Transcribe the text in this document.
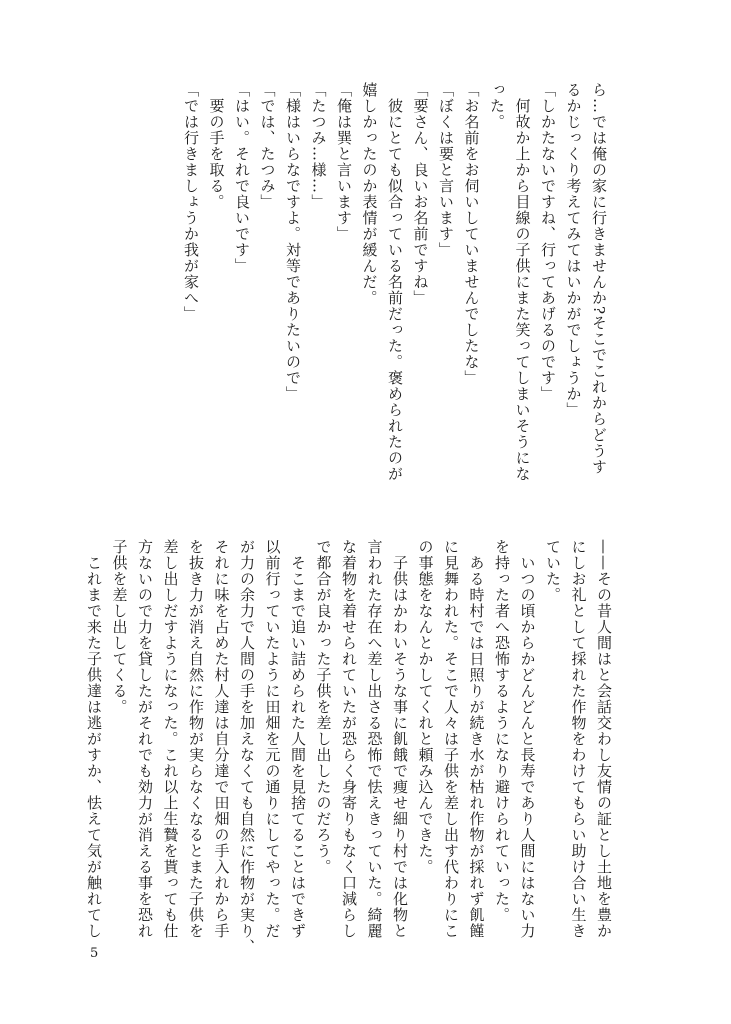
ら…では俺の家に行きませんか?そこでこれからどうす
るかじっくり考えてみてはいかがでしょうか」
「しかたないですね、行ってあげるのです」
　何故か上から目線の子供にまた笑ってしまいそうにな
った。
「お名前をお伺いしていませんでしたな」
「ぼくは要と言います」
「要さん、良いお名前ですね」
　彼にとても似合っている名前だった。褒められたのが
嬉しかったのか表情が緩んだ。
「俺は巽と言います」
「たつみ…様…」
「様はいらなですよ。対等でありたいので」
「では、たつみ」
「はい。それで良いです」
　要の手を取る。
「では行きましょうか我が家へ」
——その昔人間はと会話交わし友情の証とし土地を豊か
にしお礼として採れた作物をわけてもらい助け合い生き
ていた。
　いつの頃からかどんどんと長寿であり人間にはない力
を持った者へ恐怖するようになり避けられていった。
　ある時村では日照りが続き水が枯れ作物が採れず飢饉
に見舞われた。そこで人々は子供を差し出す代わりにこ
の事態をなんとかしてくれと頼み込んできた。
　子供はかわいそうな事に飢餓で痩せ細り村では化物と
言われた存在へ差し出さる恐怖で怯えきっていた。綺麗
な着物を着せられていたが恐らく身寄りもなく口減らし
で都合が良かった子供を差し出したのだろう。
　そこまで追い詰められた人間を見捨てることはできず
以前行っていたように田畑を元の通りにしてやった。だ
が力の余力で人間の手を加えなくても自然に作物が実り、
それに味を占めた村人達は自分達で田畑の手入れから手
を抜き力が消え自然に作物が実らなくなるとまた子供を
差し出しだすようになった。これ以上生贄を貰っても仕
方ないので力を貸したがそれでも効力が消える事を恐れ
子供を差し出してくる。
　これまで来た子供達は逃がすか、怯えて気が触れてし
5
